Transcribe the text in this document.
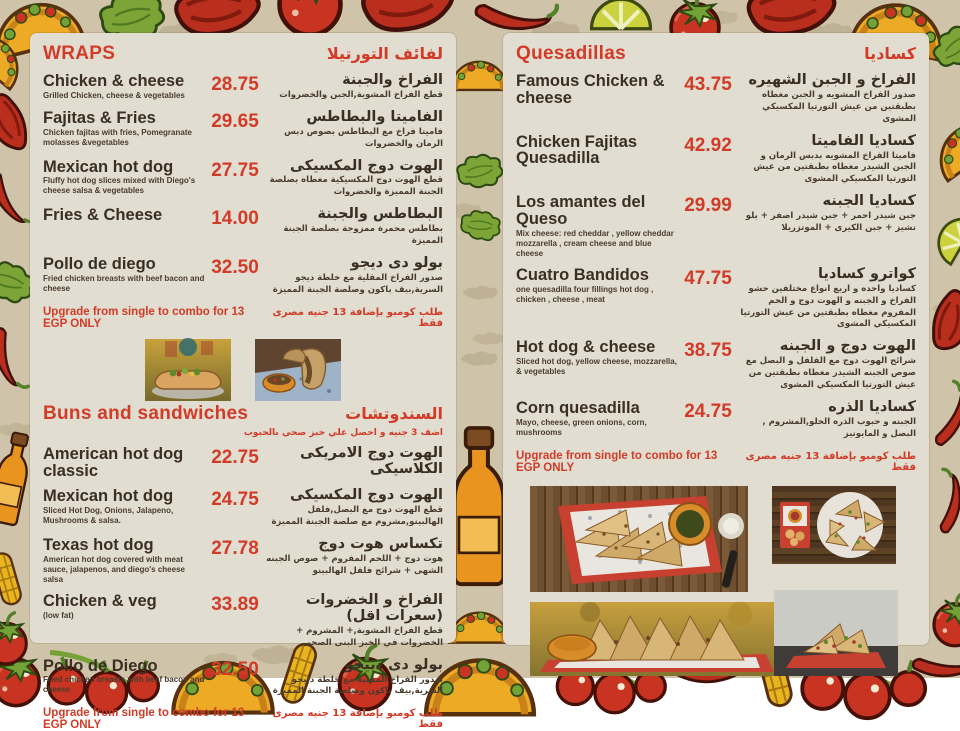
WRAPS	لفائف التورتيلا
Chicken & cheese
Grilled Chicken, cheese & vegetables
28.75	الفراخ والجبنة
قطع الفراخ المشوية,الجبن والخضروات
Fajitas & Fries
Chicken fajitas with fries, Pomegranate molasses &vegetables
29.65	الفاميتا والبطاطس
فاميتا فراخ مع البطاطس بصوص دبس الرمان والخضروات
Mexican hot dog
Fluffy hot dog slices mixed with Diego's cheese salsa & vegetables
27.75	الهوت دوج المكسيكى
قطع الهوت دوج المكسيكية مغطاه بصلصة الجبنة المميزة والخضروات
Fries & Cheese	14.00	البطاطس والجبنة
بطاطس محمرة ممزوجة بصلصة الجبنة المميزة
Pollo de diego
Fried chicken breasts with beef bacon and cheese
32.50	بولو دى ديجو
صدور الفراخ المقلية مع خلطة ديجو السرية,بيف باكون وصلصة الجبنة المميزة
Upgrade from single to combo for 13 EGP ONLY
طلب كومبو بإضافة 13 جنيه مصرى فقط
Buns and sandwiches	السندوتشات
اضف 3 جنيه و احصل علي خبز صحي بالحبوب
American hot dog classic
22.75	الهوت دوج الامريكى الكلاسيكى
Mexican hot dog
Sliced Hot Dog, Onions, Jalapeno, Mushrooms & salsa.
24.75	الهوت دوج المكسيكى
قطع الهوت دوج مع البصل,فلفل الهالبينو,مشروم مع صلصة الجبنة المميزة
Texas hot dog
American hot dog covered with meat sauce, jalapenos, and diego's cheese salsa
27.78	تكساس هوت دوج
هوت دوج + اللحم المفروم + صوص الجبنه الشهى + شرائح فلفل الهالبينو
Chicken & veg
(low fat)
33.89	الفراخ و الخضروات (سعرات اقل)
قطع الفراخ المشوية,+ المشروم + الخضروات في الخبز البنى الصحى
Pollo de Diego
Fried chicken breasts with beef bacon and cheese
32.50	بولو دى دييجو
صدور الفراخ المقلية مع خلطة دييجو السرية,بيف باكون وصلصة الجبنة المميزة
Upgrade from single to combo for 13 EGP ONLY
طلب كومبو بإضافة 13 جنيه مصرى فقط
Quesadillas	كساديا
Famous Chicken & cheese
43.75	الفراخ و الجبن الشهيره
صدور الفراخ المشويه و الجبن مغطاه بطبقتين من عيش التورتيا المكسيكي المشوى
Chicken Fajitas Quesadilla
42.92	كساديا الفاميتا
فاميتا الفراخ المشويه بدبس الرمان و الجبن الشيدر مغطاه بطبقتين من عيش التورتيا المكسيكي المشوى
Los amantes del Queso
Mix cheese: red cheddar , yellow cheddar mozzarella , cream cheese and blue cheese
29.99	كساديا الجبنه
جبن شيدر احمر + جبن شيدر اصفر + بلو تشيز + جبن الكيرى + الموتزريلا
Cuatro Bandidos
one quesadilla four fillings hot dog , chicken , cheese , meat
47.75	كواترو كساديا
كساديا واحده و اربع انواع مختلفين حشو الفراخ و الجبنه و الهوت دوج و الحم المفروم مغطاه بطبقتين من عيش التورتيا المكسيكي المشوى
Hot dog & cheese
Sliced hot dog, yellow cheese, mozzarella, & vegetables
38.75	الهوت دوج و الجبنه
شرائح الهوت دوج مع الفلفل و البصل مع صوص الجبنه الشيدر مغطاه بطبقتين من عيش التورتيا المكسيكي المشوى
Corn quesadilla
Mayo, cheese, green onions, corn, mushrooms
24.75	كساديا الذره
الجبنه و حبوب الذره الحلو,المشروم , البصل و المايونيز
Upgrade from single to combo for 13 EGP ONLY
طلب كومبو بإضافة 13 جنيه مصرى فقط
